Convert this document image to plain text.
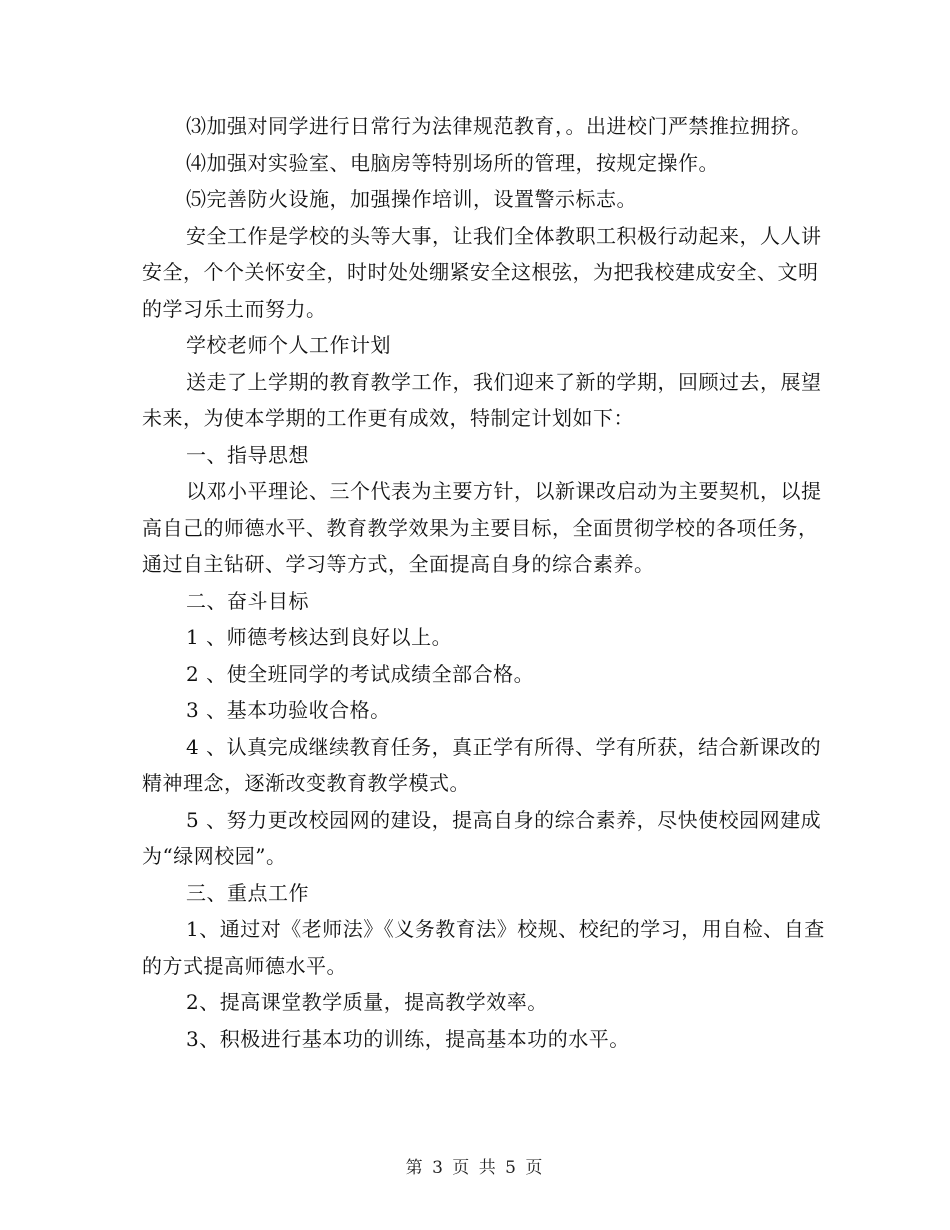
⑶加强对同学进行日常行为法律规范教育，。出进校门严禁推拉拥挤。

⑷加强对实验室、电脑房等特别场所的管理，按规定操作。

⑸完善防火设施，加强操作培训，设置警示标志。

安全工作是学校的头等大事，让我们全体教职工积极行动起来，人人讲安全，个个关怀安全，时时处处绷紧安全这根弦，为把我校建成安全、文明的学习乐土而努力。

学校老师个人工作计划

送走了上学期的教育教学工作，我们迎来了新的学期，回顾过去，展望未来，为使本学期的工作更有成效，特制定计划如下：

一、指导思想

以邓小平理论、三个代表为主要方针，以新课改启动为主要契机，以提高自己的师德水平、教育教学效果为主要目标，全面贯彻学校的各项任务，通过自主钻研、学习等方式，全面提高自身的综合素养。

二、奋斗目标

1 、师德考核达到良好以上。

2 、使全班同学的考试成绩全部合格。

3 、基本功验收合格。

4 、认真完成继续教育任务，真正学有所得、学有所获，结合新课改的精神理念，逐渐改变教育教学模式。

5 、努力更改校园网的建设，提高自身的综合素养，尽快使校园网建成为“绿网校园”。

三、重点工作

1、通过对《老师法》《义务教育法》校规、校纪的学习，用自检、自查的方式提高师德水平。

2、提高课堂教学质量，提高教学效率。

3、积极进行基本功的训练，提高基本功的水平。

第 3 页 共 5 页
